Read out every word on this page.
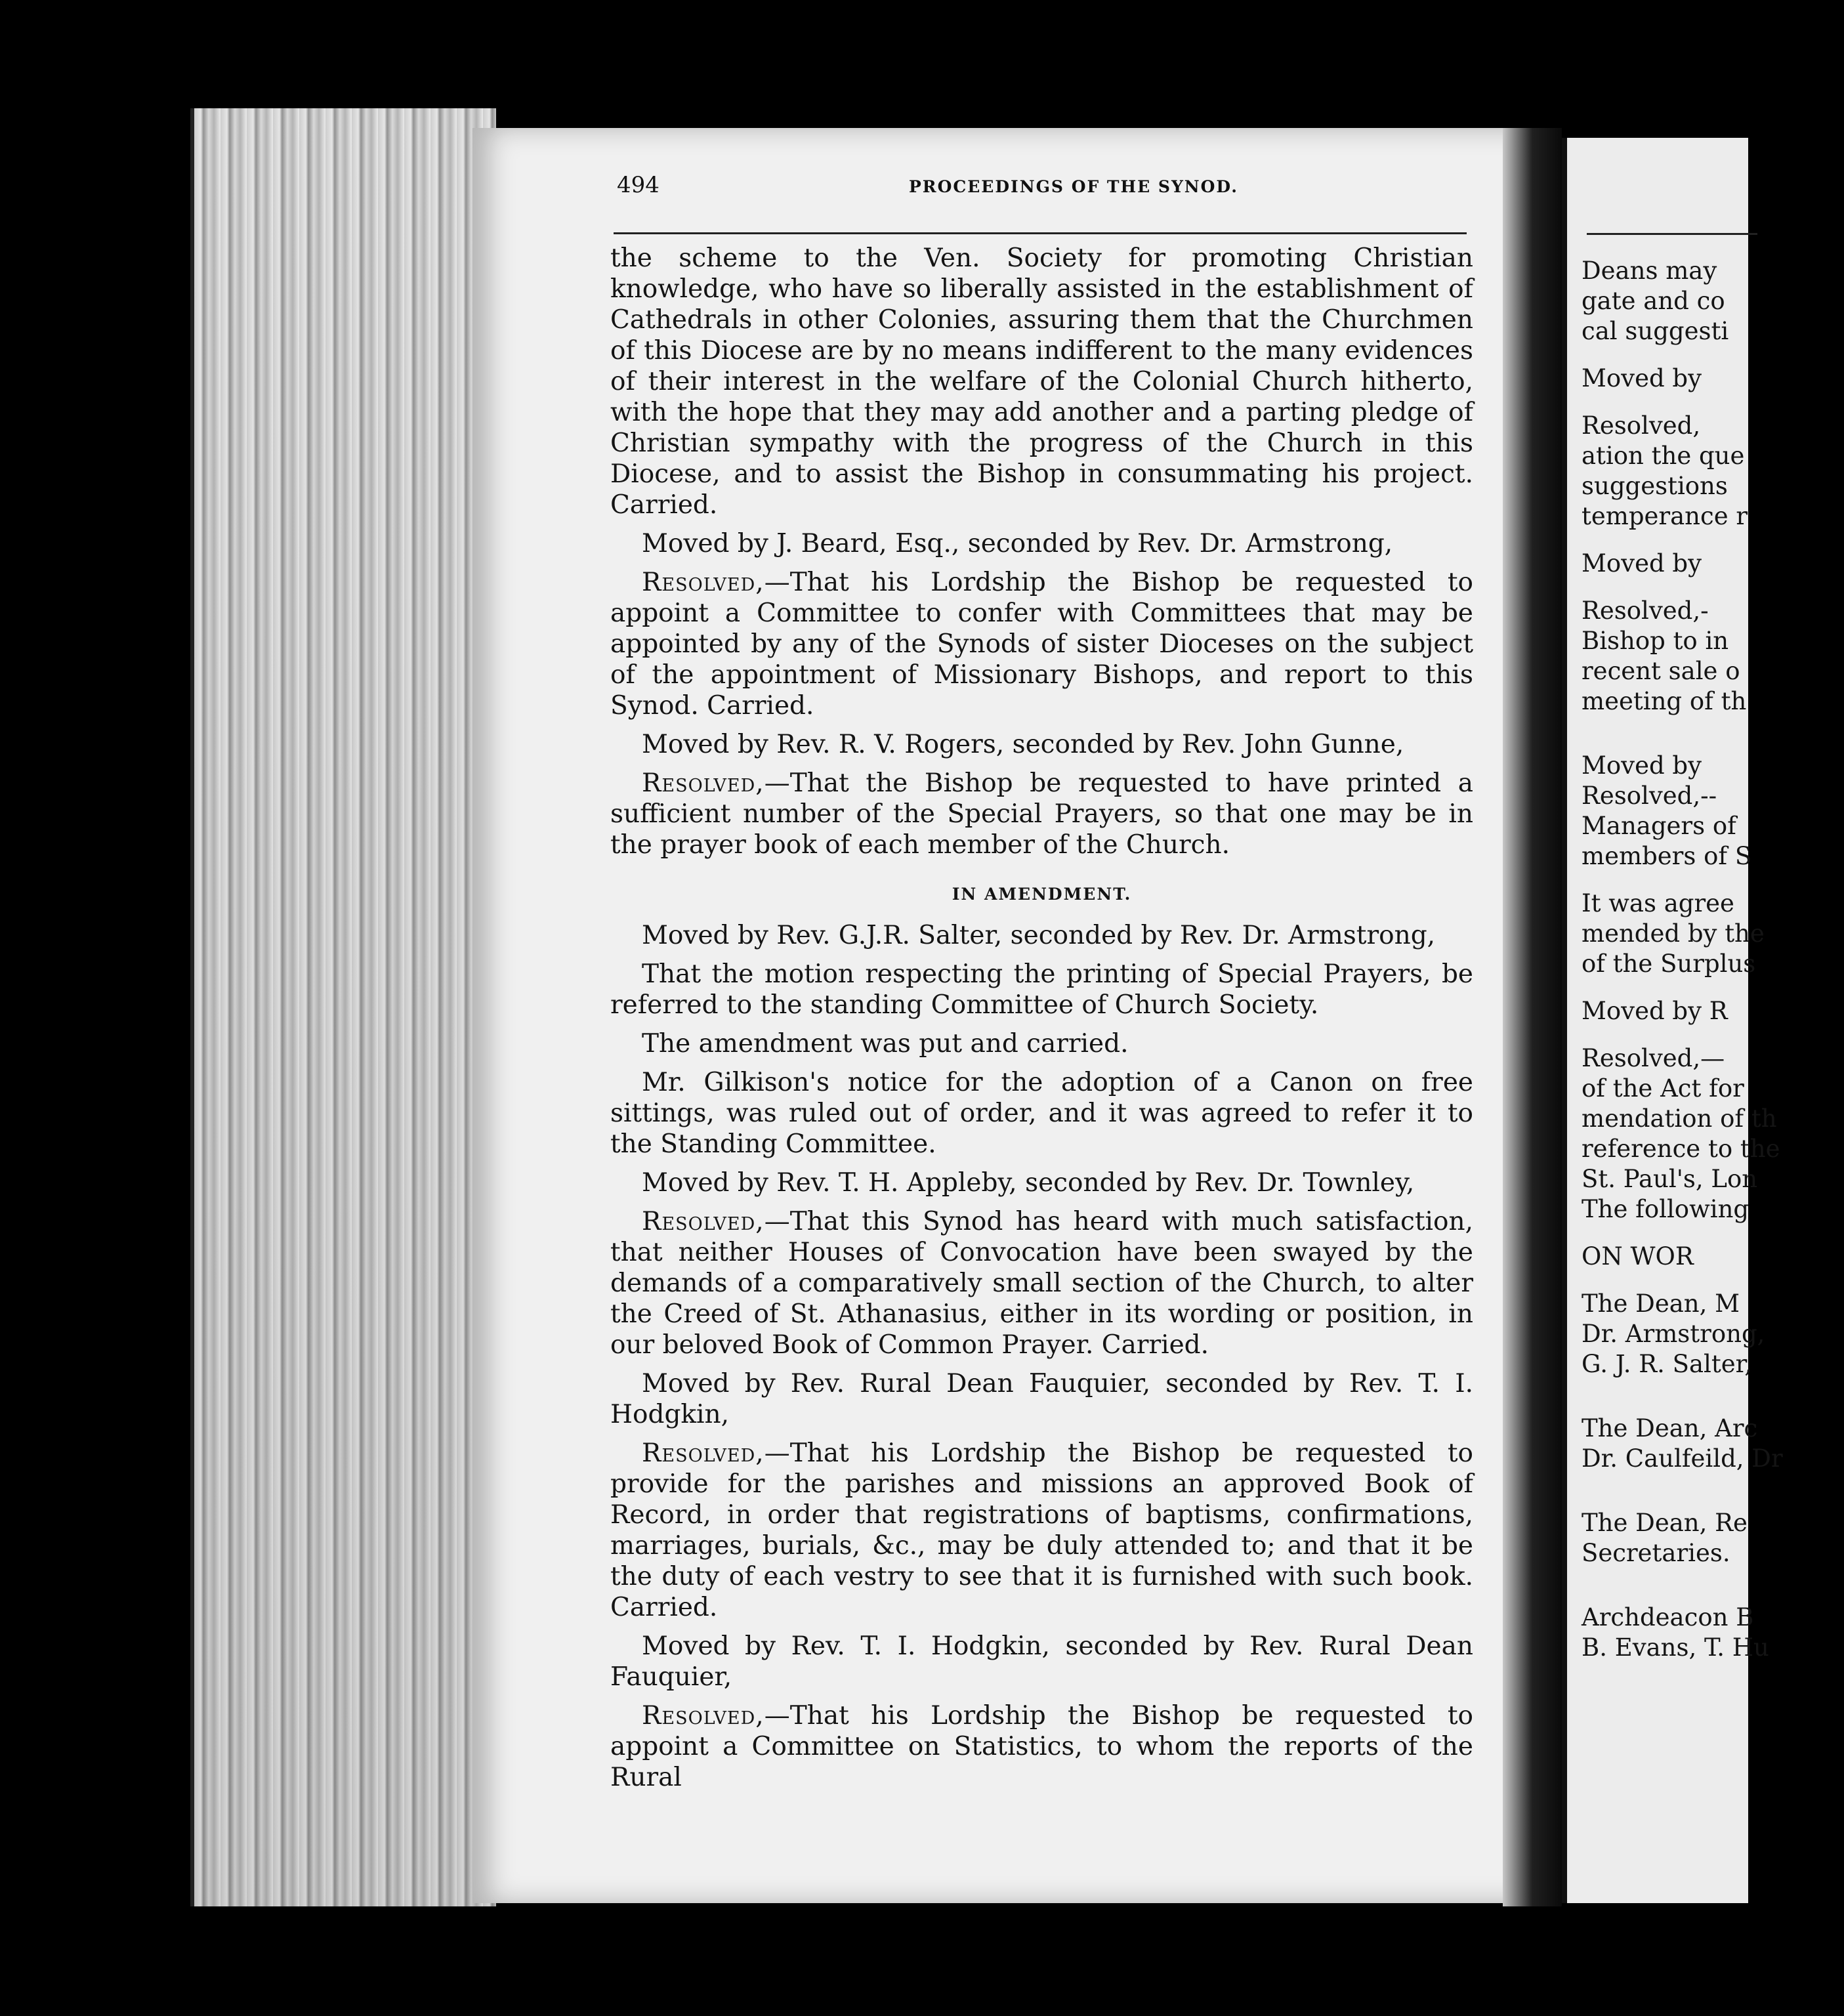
494	PROCEEDINGS OF THE SYNOD.

the scheme to the Ven. Society for promoting Christian knowledge, who have so liberally assisted in the establishment of Cathedrals in other Colonies, assuring them that the Churchmen of this Diocese are by no means indifferent to the many evidences of their interest in the welfare of the Colonial Church hitherto, with the hope that they may add another and a parting pledge of Christian sympathy with the progress of the Church in this Diocese, and to assist the Bishop in consummating his project. Carried.

Moved by J. Beard, Esq., seconded by Rev. Dr. Armstrong,

Resolved,—That his Lordship the Bishop be requested to appoint a Committee to confer with Committees that may be appointed by any of the Synods of sister Dioceses on the subject of the appointment of Missionary Bishops, and report to this Synod. Carried.

Moved by Rev. R. V. Rogers, seconded by Rev. John Gunne,

Resolved,—That the Bishop be requested to have printed a sufficient number of the Special Prayers, so that one may be in the prayer book of each member of the Church.

IN AMENDMENT.

Moved by Rev. G.J.R. Salter, seconded by Rev. Dr. Armstrong,

That the motion respecting the printing of Special Prayers, be referred to the standing Committee of Church Society.

The amendment was put and carried.

Mr. Gilkison's notice for the adoption of a Canon on free sittings, was ruled out of order, and it was agreed to refer it to the Standing Committee.

Moved by Rev. T. H. Appleby, seconded by Rev. Dr. Townley,

Resolved,—That this Synod has heard with much satisfaction, that neither Houses of Convocation have been swayed by the demands of a comparatively small section of the Church, to alter the Creed of St. Athanasius, either in its wording or position, in our beloved Book of Common Prayer. Carried.

Moved by Rev. Rural Dean Fauquier, seconded by Rev. T. I. Hodgkin,

Resolved,—That his Lordship the Bishop be requested to provide for the parishes and missions an approved Book of Record, in order that registrations of baptisms, confirmations, marriages, burials, &c., may be duly attended to; and that it be the duty of each vestry to see that it is furnished with such book. Carried.

Moved by Rev. T. I. Hodgkin, seconded by Rev. Rural Dean Fauquier,

Resolved,—That his Lordship the Bishop be requested to appoint a Committee on Statistics, to whom the reports of the Rural

Deans may
gate and co
cal suggesti
Moved by
Resolved,
ation the que
suggestions
temperance r
Moved by
Resolved,-
Bishop to in
recent sale o
meeting of th
Moved by
Resolved,--
Managers of
members of S
It was agree
mended by the
of the Surplus
Moved by R
Resolved,—
of the Act for
mendation of th
reference to the
St. Paul's, Lon
The following
ON WOR
The Dean, M
Dr. Armstrong,
G. J. R. Salter,
The Dean, Arc
Dr. Caulfeild, Dr
The Dean, Re
Secretaries.
Archdeacon B
B. Evans, T. Hu
